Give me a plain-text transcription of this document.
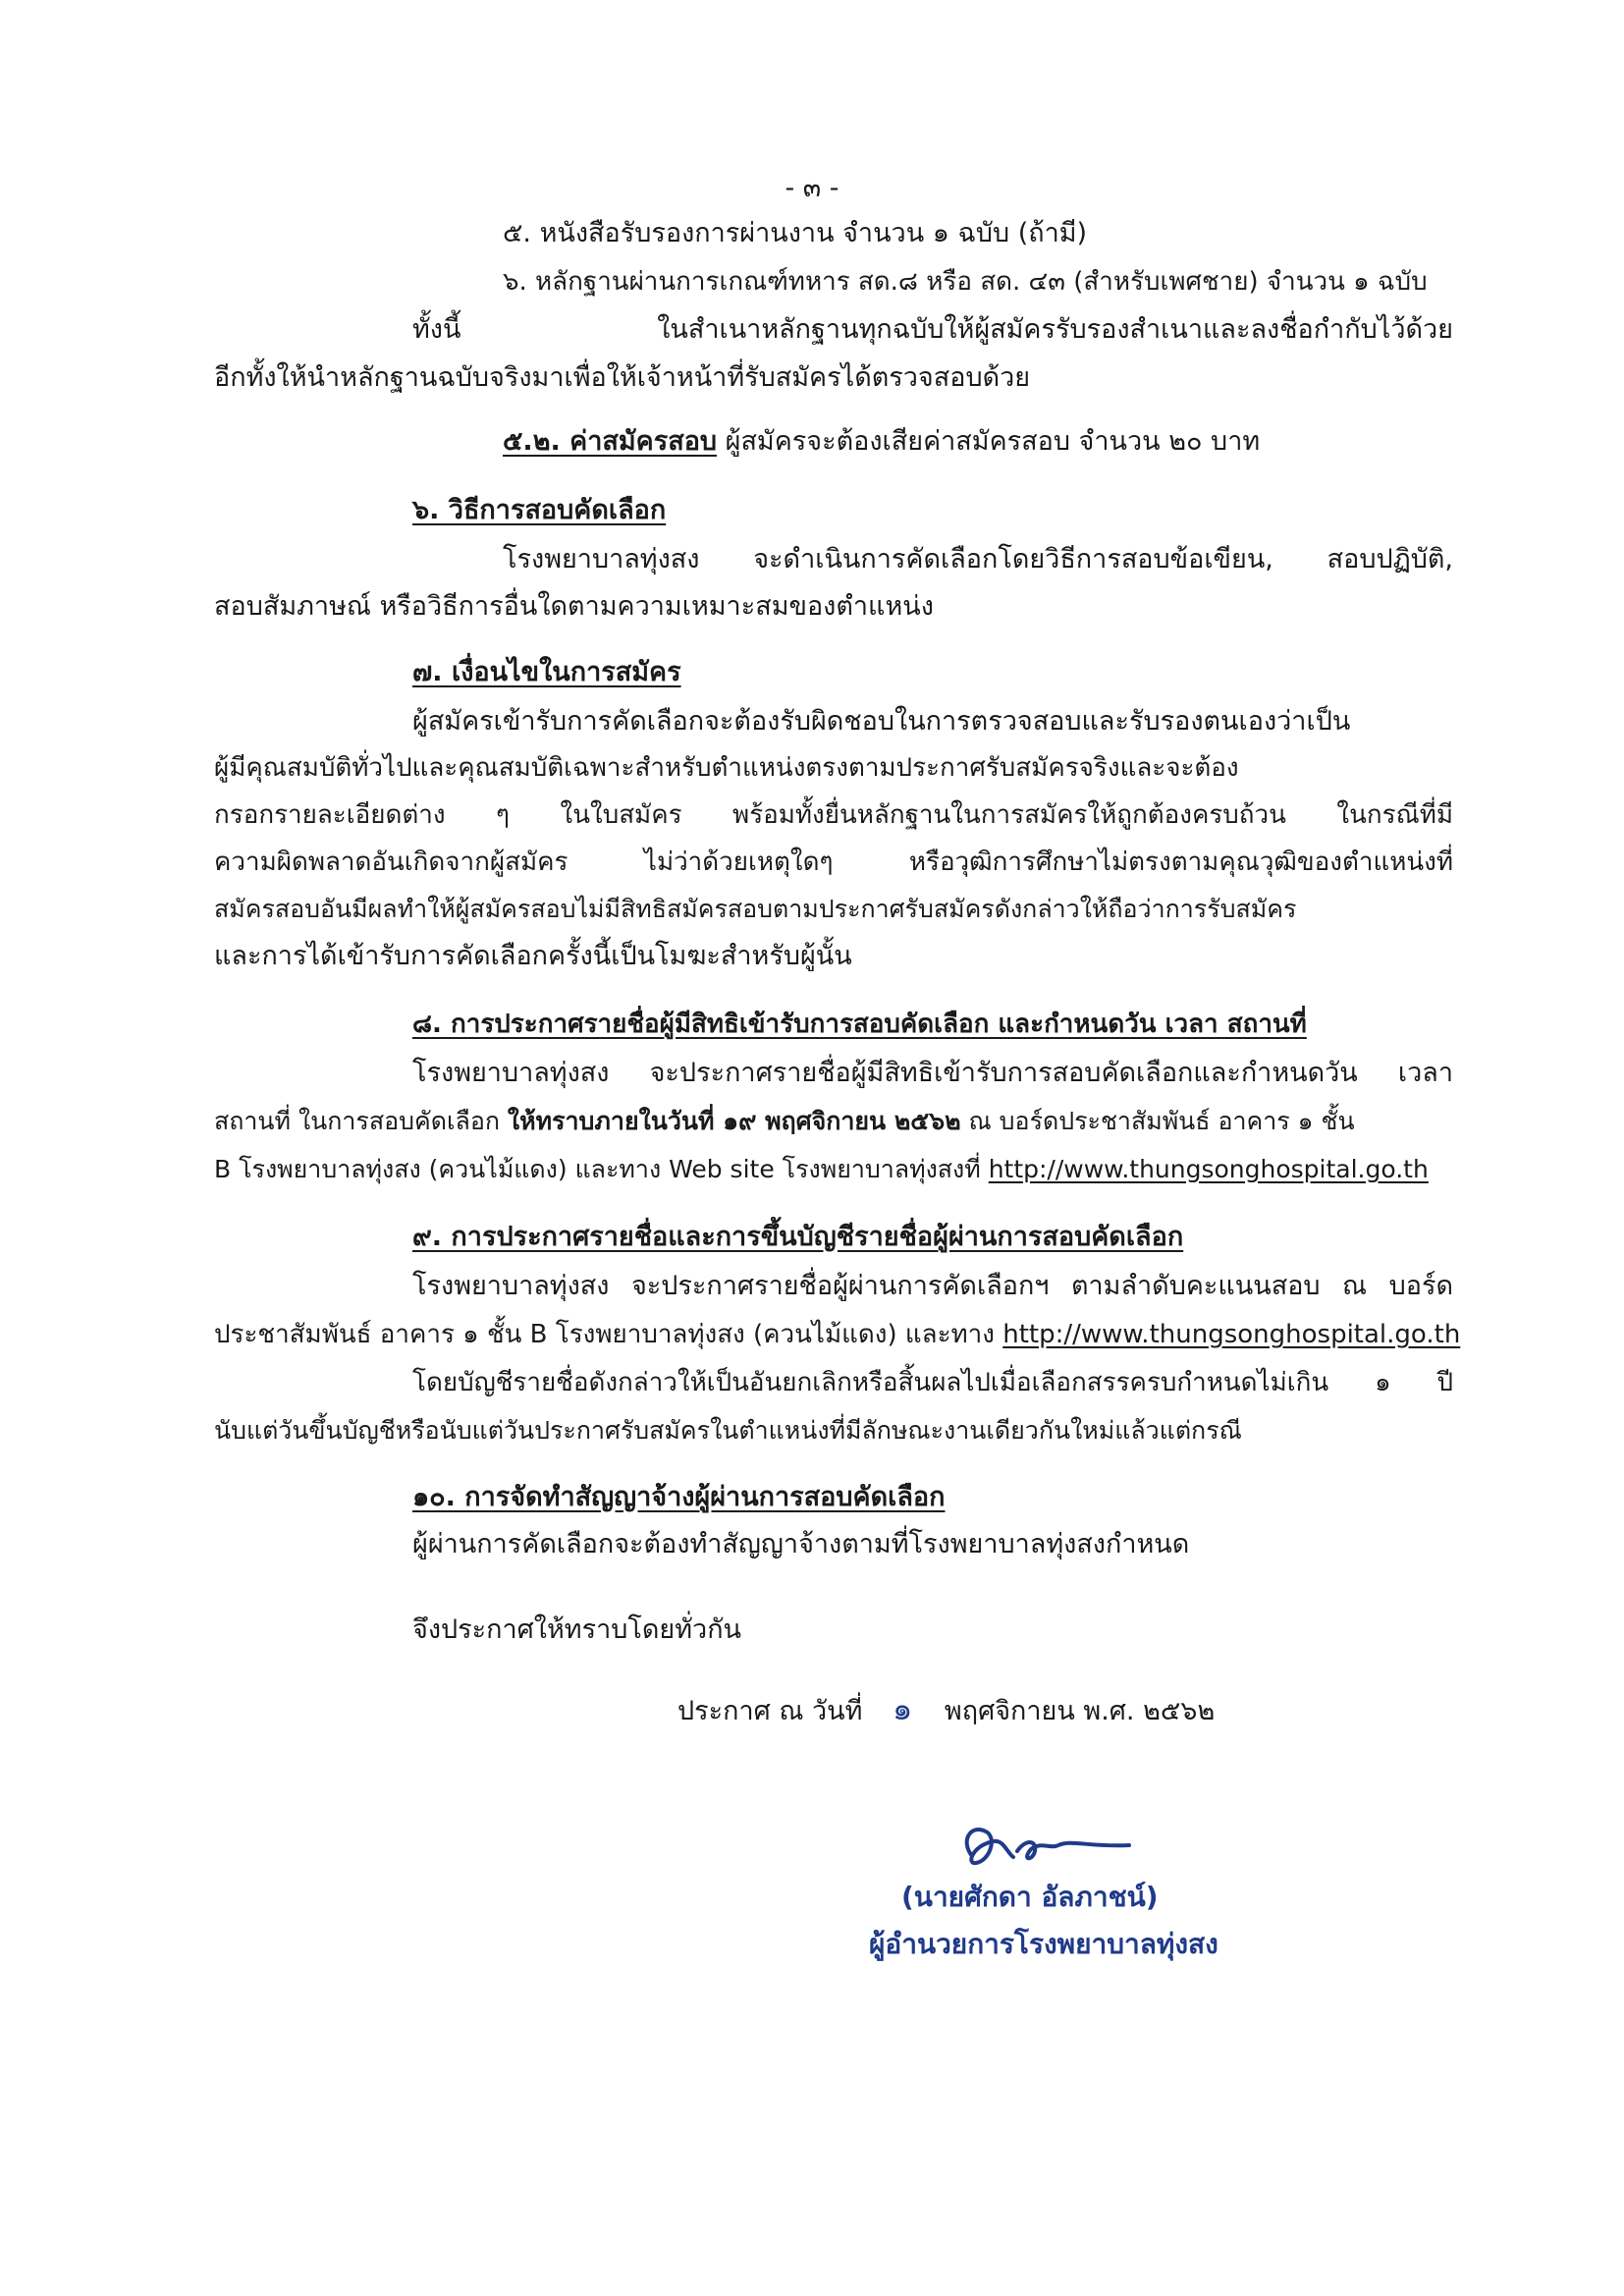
- ๓ -
๕. หนังสือรับรองการผ่านงาน จำนวน ๑ ฉบับ (ถ้ามี)
๖. หลักฐานผ่านการเกณฑ์ทหาร สด.๘ หรือ สด. ๔๓ (สำหรับเพศชาย) จำนวน ๑ ฉบับ
ทั้งนี้ ในสำเนาหลักฐานทุกฉบับให้ผู้สมัครรับรองสำเนาและลงชื่อกำกับไว้ด้วย
อีกทั้งให้นำหลักฐานฉบับจริงมาเพื่อให้เจ้าหน้าที่รับสมัครได้ตรวจสอบด้วย
๕.๒. ค่าสมัครสอบ ผู้สมัครจะต้องเสียค่าสมัครสอบ จำนวน ๒๐ บาท
๖. วิธีการสอบคัดเลือก
โรงพยาบาลทุ่งสง จะดำเนินการคัดเลือกโดยวิธีการสอบข้อเขียน, สอบปฏิบัติ,
สอบสัมภาษณ์ หรือวิธีการอื่นใดตามความเหมาะสมของตำแหน่ง
๗. เงื่อนไขในการสมัคร
ผู้สมัครเข้ารับการคัดเลือกจะต้องรับผิดชอบในการตรวจสอบและรับรองตนเองว่าเป็น
ผู้มีคุณสมบัติทั่วไปและคุณสมบัติเฉพาะสำหรับตำแหน่งตรงตามประกาศรับสมัครจริงและจะต้อง
กรอกรายละเอียดต่าง ๆ ในใบสมัคร พร้อมทั้งยื่นหลักฐานในการสมัครให้ถูกต้องครบถ้วน ในกรณีที่มี
ความผิดพลาดอันเกิดจากผู้สมัคร ไม่ว่าด้วยเหตุใดๆ หรือวุฒิการศึกษาไม่ตรงตามคุณวุฒิของตำแหน่งที่
สมัครสอบอันมีผลทำให้ผู้สมัครสอบไม่มีสิทธิสมัครสอบตามประกาศรับสมัครดังกล่าวให้ถือว่าการรับสมัคร
และการได้เข้ารับการคัดเลือกครั้งนี้เป็นโมฆะสำหรับผู้นั้น
๘. การประกาศรายชื่อผู้มีสิทธิเข้ารับการสอบคัดเลือก และกำหนดวัน เวลา สถานที่
โรงพยาบาลทุ่งสง จะประกาศรายชื่อผู้มีสิทธิเข้ารับการสอบคัดเลือกและกำหนดวัน เวลา
สถานที่ ในการสอบคัดเลือก ให้ทราบภายในวันที่ ๑๙ พฤศจิกายน ๒๕๖๒ ณ บอร์ดประชาสัมพันธ์ อาคาร ๑ ชั้น
B โรงพยาบาลทุ่งสง (ควนไม้แดง) และทาง Web site โรงพยาบาลทุ่งสงที่ http://www.thungsonghospital.go.th
๙. การประกาศรายชื่อและการขึ้นบัญชีรายชื่อผู้ผ่านการสอบคัดเลือก
โรงพยาบาลทุ่งสง จะประกาศรายชื่อผู้ผ่านการคัดเลือกฯ ตามลำดับคะแนนสอบ ณ บอร์ด
ประชาสัมพันธ์ อาคาร ๑ ชั้น B โรงพยาบาลทุ่งสง (ควนไม้แดง) และทาง http://www.thungsonghospital.go.th
โดยบัญชีรายชื่อดังกล่าวให้เป็นอันยกเลิกหรือสิ้นผลไปเมื่อเลือกสรรครบกำหนดไม่เกิน ๑ ปี
นับแต่วันขึ้นบัญชีหรือนับแต่วันประกาศรับสมัครในตำแหน่งที่มีลักษณะงานเดียวกันใหม่แล้วแต่กรณี
๑๐. การจัดทำสัญญาจ้างผู้ผ่านการสอบคัดเลือก
ผู้ผ่านการคัดเลือกจะต้องทำสัญญาจ้างตามที่โรงพยาบาลทุ่งสงกำหนด
จึงประกาศให้ทราบโดยทั่วกัน
ประกาศ ณ วันที่ ๑ พฤศจิกายน พ.ศ. ๒๕๖๒
(นายศักดา อัลภาชน์)
ผู้อำนวยการโรงพยาบาลทุ่งสง
